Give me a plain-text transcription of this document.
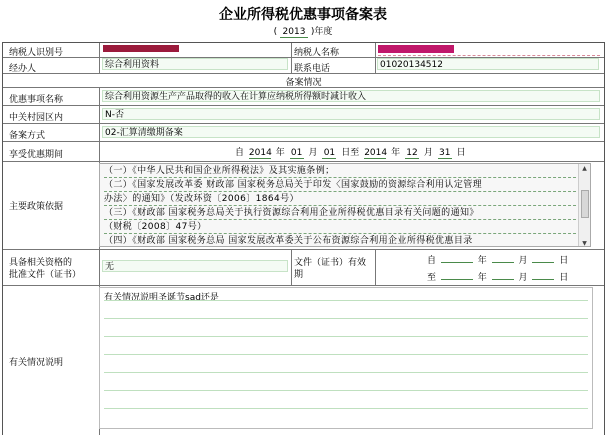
企业所得税优惠事项备案表
( 2013 )年度
纳税人识别号	纳税人名称
经办人	综合利用资料	联系电话	01020134512
备案情况
优惠事项名称	综合利用资源生产产品取得的收入在计算应纳税所得额时减计收入
中关村园区内	N-否
备案方式	02-汇算清缴期备案
享受优惠期间	自 2014 年 01 月 01 日至 2014 年 12 月 31 日
主要政策依据
（一）《中华人民共和国企业所得税法》及其实施条例；
（二）《国家发展改革委 财政部 国家税务总局关于印发〈国家鼓励的资源综合利用认定管理
办法〉的通知》（发改环资〔2006〕1864号）
（三）《财政部 国家税务总局关于执行资源综合利用企业所得税优惠目录有关问题的通知》
（财税〔2008〕47号）
（四）《财政部 国家税务总局 国家发展改革委关于公布资源综合利用企业所得税优惠目录
▲
▼
具备相关资格的
批准文件（证书）
无	文件（证书）有效
期
自	年	月	日
至	年	月	日
有关情况说明
有关情况说明圣诞节sad还是
